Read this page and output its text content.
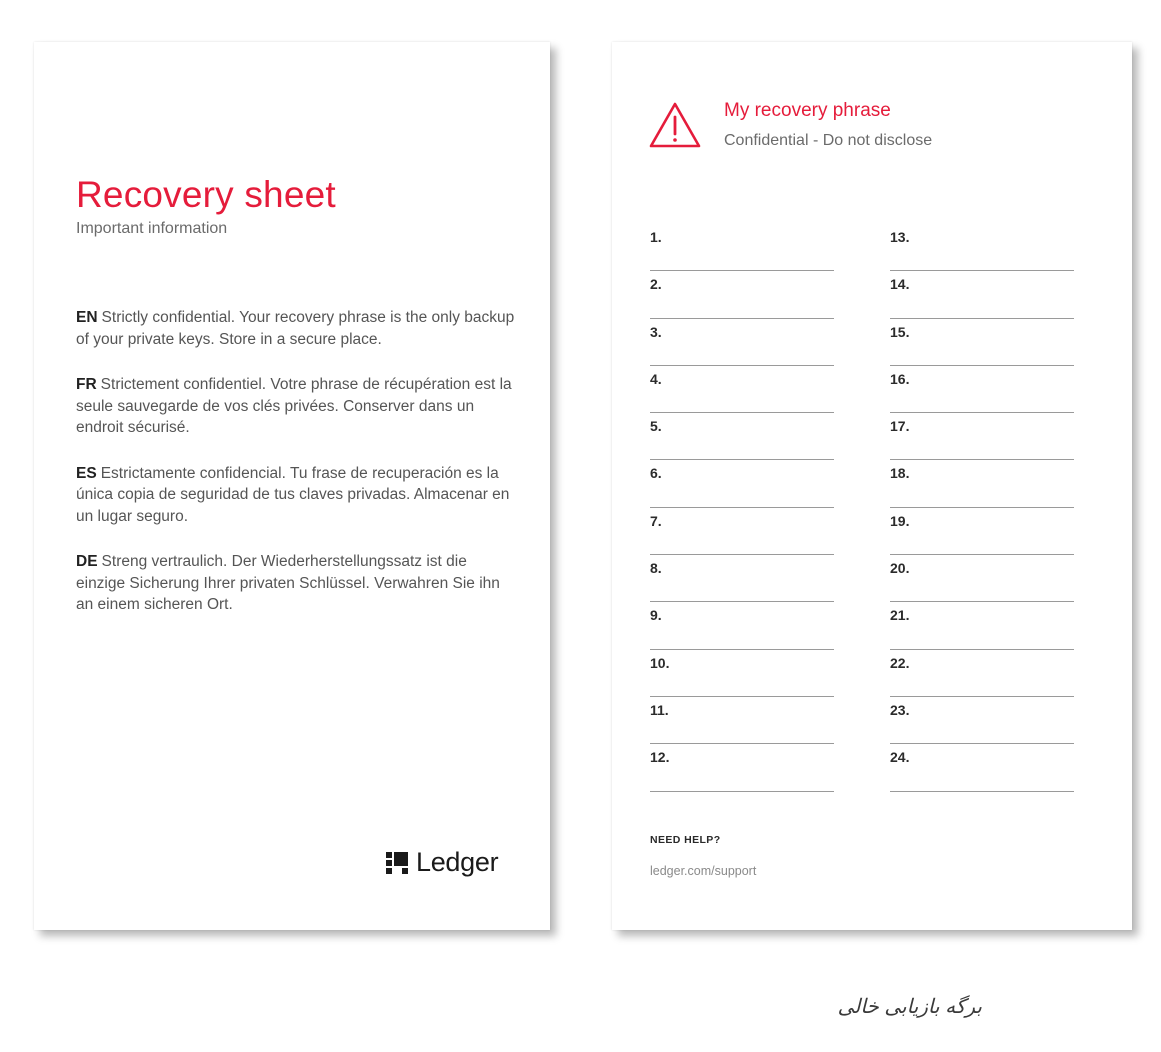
Recovery sheet
Important information

EN Strictly confidential. Your recovery phrase is the only backup of your private keys. Store in a secure place.

FR Strictement confidentiel. Votre phrase de récupération est la seule sauvegarde de vos clés privées. Conserver dans un endroit sécurisé.

ES Estrictamente confidencial. Tu frase de recuperación es la única copia de seguridad de tus claves privadas. Almacenar en un lugar seguro.

DE Streng vertraulich. Der Wiederherstellungssatz ist die einzige Sicherung Ihrer privaten Schlüssel. Verwahren Sie ihn an einem sicheren Ort.

Ledger
My recovery phrase
Confidential - Do not disclose
1.
2.
3.
4.
5.
6.
7.
8.
9.
10.
11.
12.
13.
14.
15.
16.
17.
18.
19.
20.
21.
22.
23.
24.
NEED HELP?
ledger.com/support
برگه بازیابی خالی
